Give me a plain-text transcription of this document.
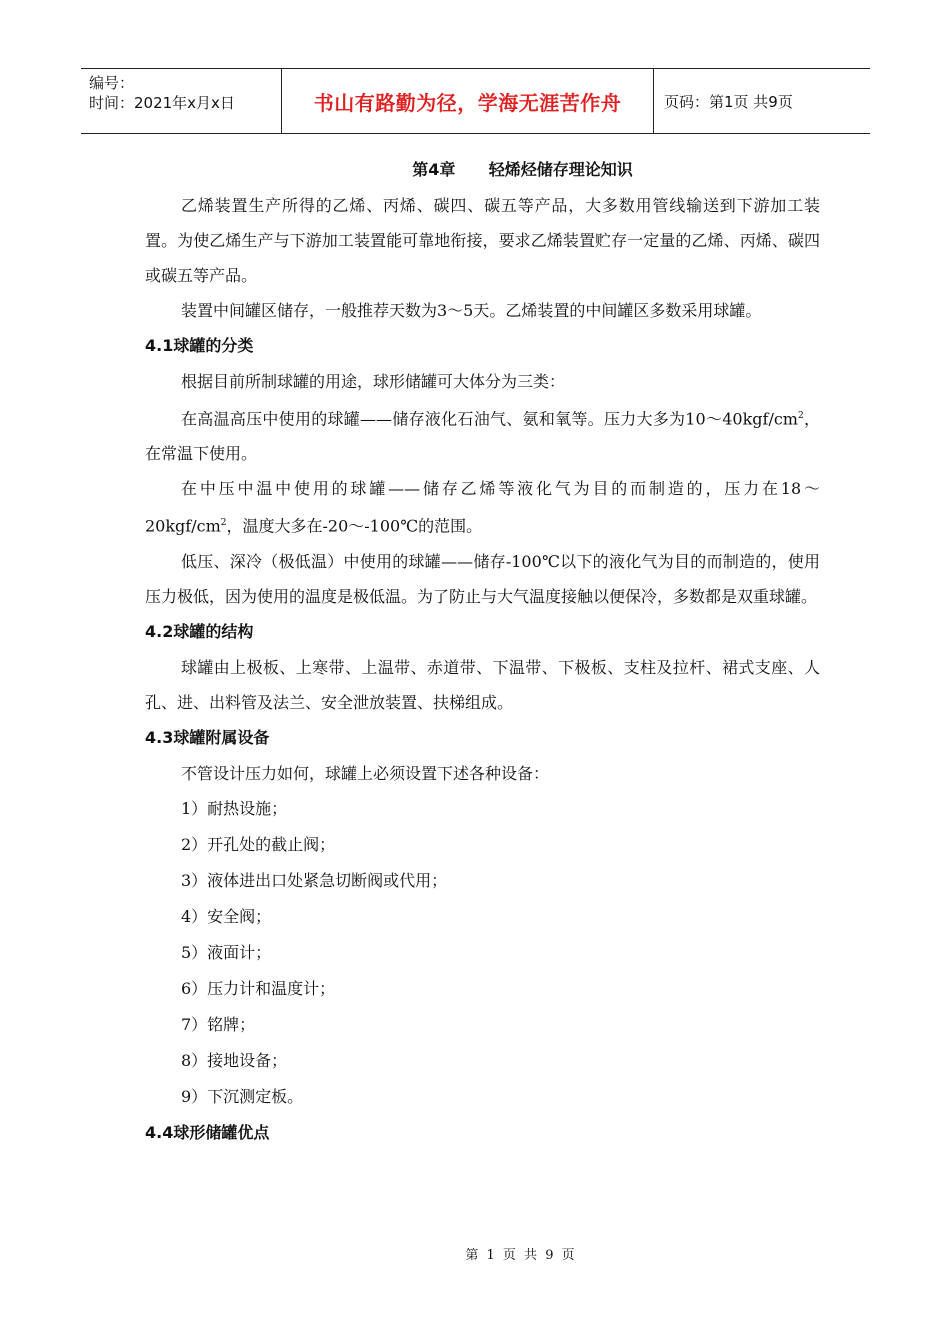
编号：
时间：2021年x月x日	书山有路勤为径，学海无涯苦作舟	页码：第1页 共9页
第4章      轻烯烃储存理论知识

乙烯装置生产所得的乙烯、丙烯、碳四、碳五等产品，大多数用管线输送到下游加工装置。为使乙烯生产与下游加工装置能可靠地衔接，要求乙烯装置贮存一定量的乙烯、丙烯、碳四或碳五等产品。

装置中间罐区储存，一般推荐天数为3～5天。乙烯装置的中间罐区多数采用球罐。

4.1球罐的分类

根据目前所制球罐的用途，球形储罐可大体分为三类：

在高温高压中使用的球罐——储存液化石油气、氨和氧等。压力大多为$10\sim 40kgf/cm^2$，在常温下使用。

在中压中温中使用的球罐——储存乙烯等液化气为目的而制造的，压力在$18\sim 20kgf/cm^2$，温度大多在-20～-100℃的范围。

低压、深冷（极低温）中使用的球罐——储存-100℃以下的液化气为目的而制造的，使用压力极低，因为使用的温度是极低温。为了防止与大气温度接触以便保冷，多数都是双重球罐。

4.2球罐的结构

球罐由上极板、上寒带、上温带、赤道带、下温带、下极板、支柱及拉杆、裙式支座、人孔、进、出料管及法兰、安全泄放装置、扶梯组成。

4.3球罐附属设备

不管设计压力如何，球罐上必须设置下述各种设备：

1）耐热设施；

2）开孔处的截止阀；

3）液体进出口处紧急切断阀或代用；

4）安全阀；

5）液面计；

6）压力计和温度计；

7）铭牌；

8）接地设备；

9）下沉测定板。

4.4球形储罐优点

第 1 页 共 9 页
